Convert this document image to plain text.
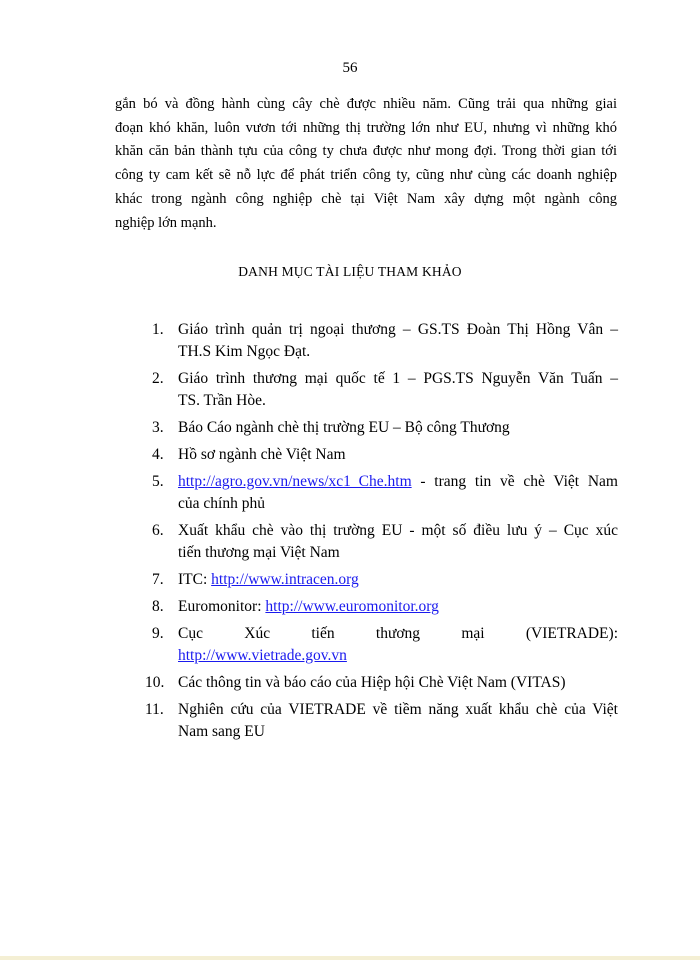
56

gắn bó và đồng hành cùng cây chè được nhiều năm. Cũng trải qua những giai
đoạn khó khăn, luôn vươn tới những thị trường lớn như EU, nhưng vì những khó
khăn căn bản thành tựu của công ty chưa được như mong đợi. Trong thời gian tới
công ty cam kết sẽ nỗ lực để phát triển công ty, cũng như cùng các doanh nghiệp
khác trong ngành công nghiệp chè tại Việt Nam xây dựng một ngành công
nghiệp lớn mạnh.

DANH MỤC TÀI LIỆU THAM KHẢO
1. Giáo trình quản trị ngoại thương – GS.TS Đoàn Thị Hồng Vân –
TH.S Kim Ngọc Đạt.
2. Giáo trình thương mại quốc tế 1 – PGS.TS Nguyễn Văn Tuấn –
TS. Trần Hòe.
3. Báo Cáo ngành chè thị trường EU – Bộ công Thương
4. Hồ sơ ngành chè Việt Nam
5. http://agro.gov.vn/news/xc1_Che.htm - trang tin về chè Việt Nam
của chính phủ
6. Xuất khẩu chè vào thị trường EU - một số điều lưu ý – Cục xúc
tiến thương mại Việt Nam
7. ITC: http://www.intracen.org
8. Euromonitor: http://www.euromonitor.org
9. Cục Xúc tiến thương mại (VIETRADE):
http://www.vietrade.gov.vn
10. Các thông tin và báo cáo của Hiệp hội Chè Việt Nam (VITAS)
11. Nghiên cứu của VIETRADE về tiềm năng xuất khẩu chè của Việt
Nam sang EU
